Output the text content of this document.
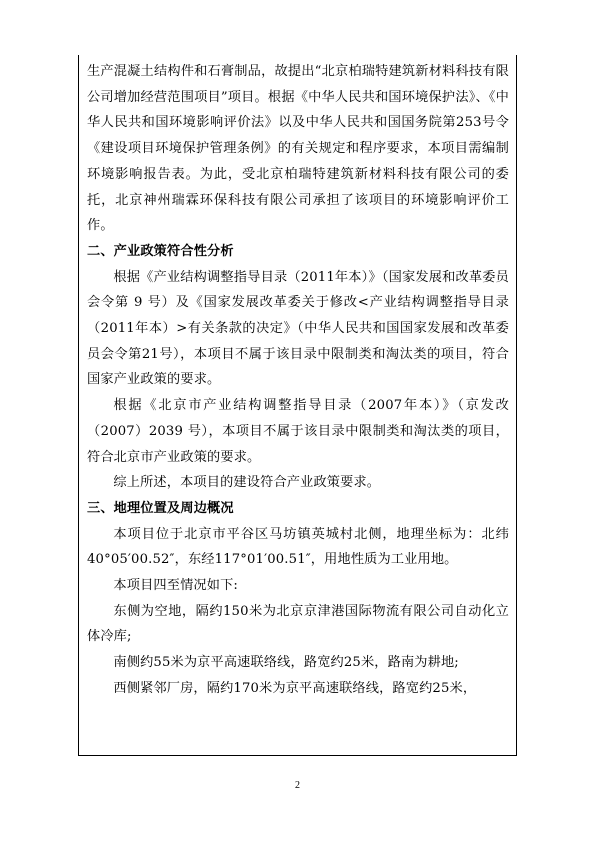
生产混凝土结构件和石膏制品，故提出“北京柏瑞特建筑新材料科技有限公司增加经营范围项目”项目。根据《中华人民共和国环境保护法》、《中华人民共和国环境影响评价法》以及中华人民共和国国务院第253号令《建设项目环境保护管理条例》的有关规定和程序要求，本项目需编制环境影响报告表。为此，受北京柏瑞特建筑新材料科技有限公司的委托，北京神州瑞霖环保科技有限公司承担了该项目的环境影响评价工作。

二、产业政策符合性分析

根据《产业结构调整指导目录（2011年本）》（国家发展和改革委员会令第 9 号）及《国家发展改革委关于修改<产业结构调整指导目录（2011年本）>有关条款的决定》（中华人民共和国国家发展和改革委员会令第21号），本项目不属于该目录中限制类和淘汰类的项目，符合国家产业政策的要求。

根据《北京市产业结构调整指导目录（2007年本）》（京发改（2007）2039 号），本项目不属于该目录中限制类和淘汰类的项目，符合北京市产业政策的要求。

综上所述，本项目的建设符合产业政策要求。

三、地理位置及周边概况

本项目位于北京市平谷区马坊镇英城村北侧，地理坐标为：北纬40°05′00.52″，东经117°01′00.51″，用地性质为工业用地。

本项目四至情况如下:

东侧为空地，隔约150米为北京京津港国际物流有限公司自动化立体冷库;

南侧约55米为京平高速联络线，路宽约25米，路南为耕地;

西侧紧邻厂房，隔约170米为京平高速联络线，路宽约25米，

2
